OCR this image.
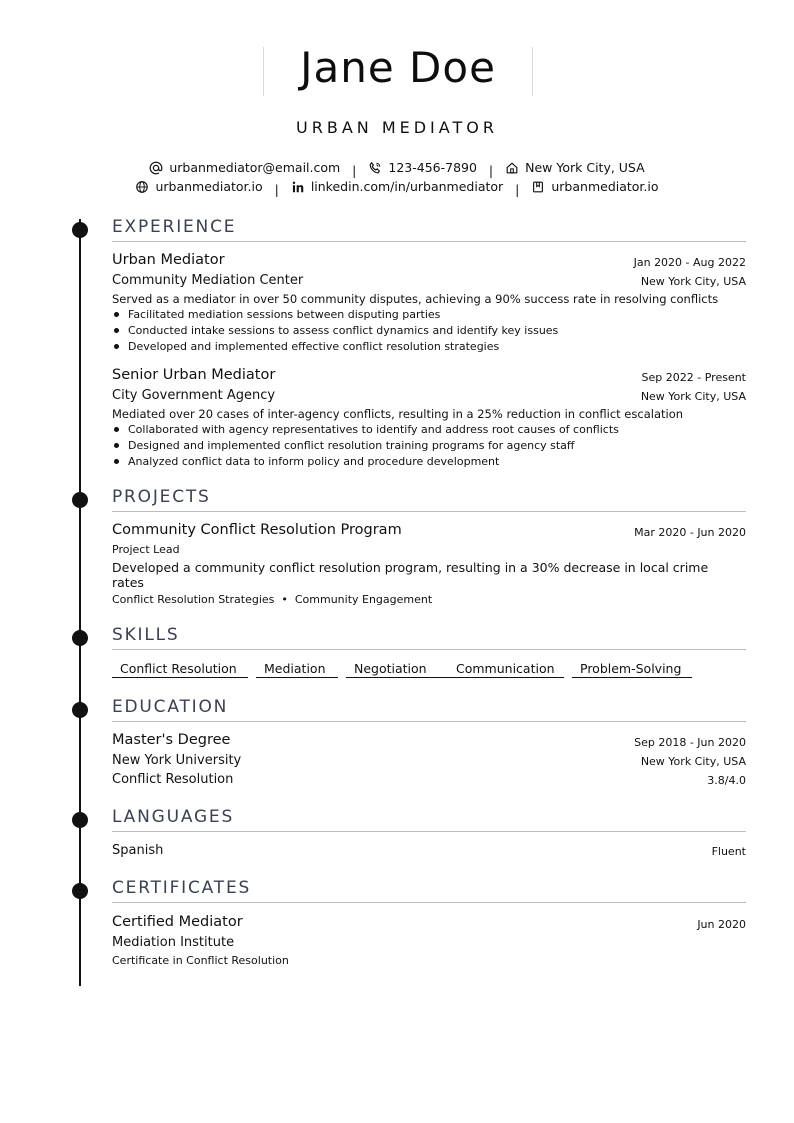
Jane Doe
URBAN MEDIATOR
urbanmediator@email.com |	123-456-7890 |	New York City, USA
urbanmediator.io |	linkedin.com/in/urbanmediator |	urbanmediator.io
EXPERIENCE
Urban Mediator	Jan 2020 - Aug 2022
Community Mediation Center	New York City, USA
Served as a mediator in over 50 community disputes, achieving a 90% success rate in resolving conflicts
Facilitated mediation sessions between disputing parties
Conducted intake sessions to assess conflict dynamics and identify key issues
Developed and implemented effective conflict resolution strategies
Senior Urban Mediator	Sep 2022 - Present
City Government Agency	New York City, USA
Mediated over 20 cases of inter-agency conflicts, resulting in a 25% reduction in conflict escalation
Collaborated with agency representatives to identify and address root causes of conflicts
Designed and implemented conflict resolution training programs for agency staff
Analyzed conflict data to inform policy and procedure development
PROJECTS
Community Conflict Resolution Program	Mar 2020 - Jun 2020
Project Lead
Developed a community conflict resolution program, resulting in a 30% decrease in local crime
rates
Conflict Resolution Strategies  •  Community Engagement
SKILLS
Conflict Resolution	Mediation	Negotiation	Communication	Problem-Solving
EDUCATION
Master's Degree	Sep 2018 - Jun 2020
New York University	New York City, USA
Conflict Resolution	3.8/4.0
LANGUAGES
Spanish	Fluent
CERTIFICATES
Certified Mediator	Jun 2020
Mediation Institute
Certificate in Conflict Resolution
